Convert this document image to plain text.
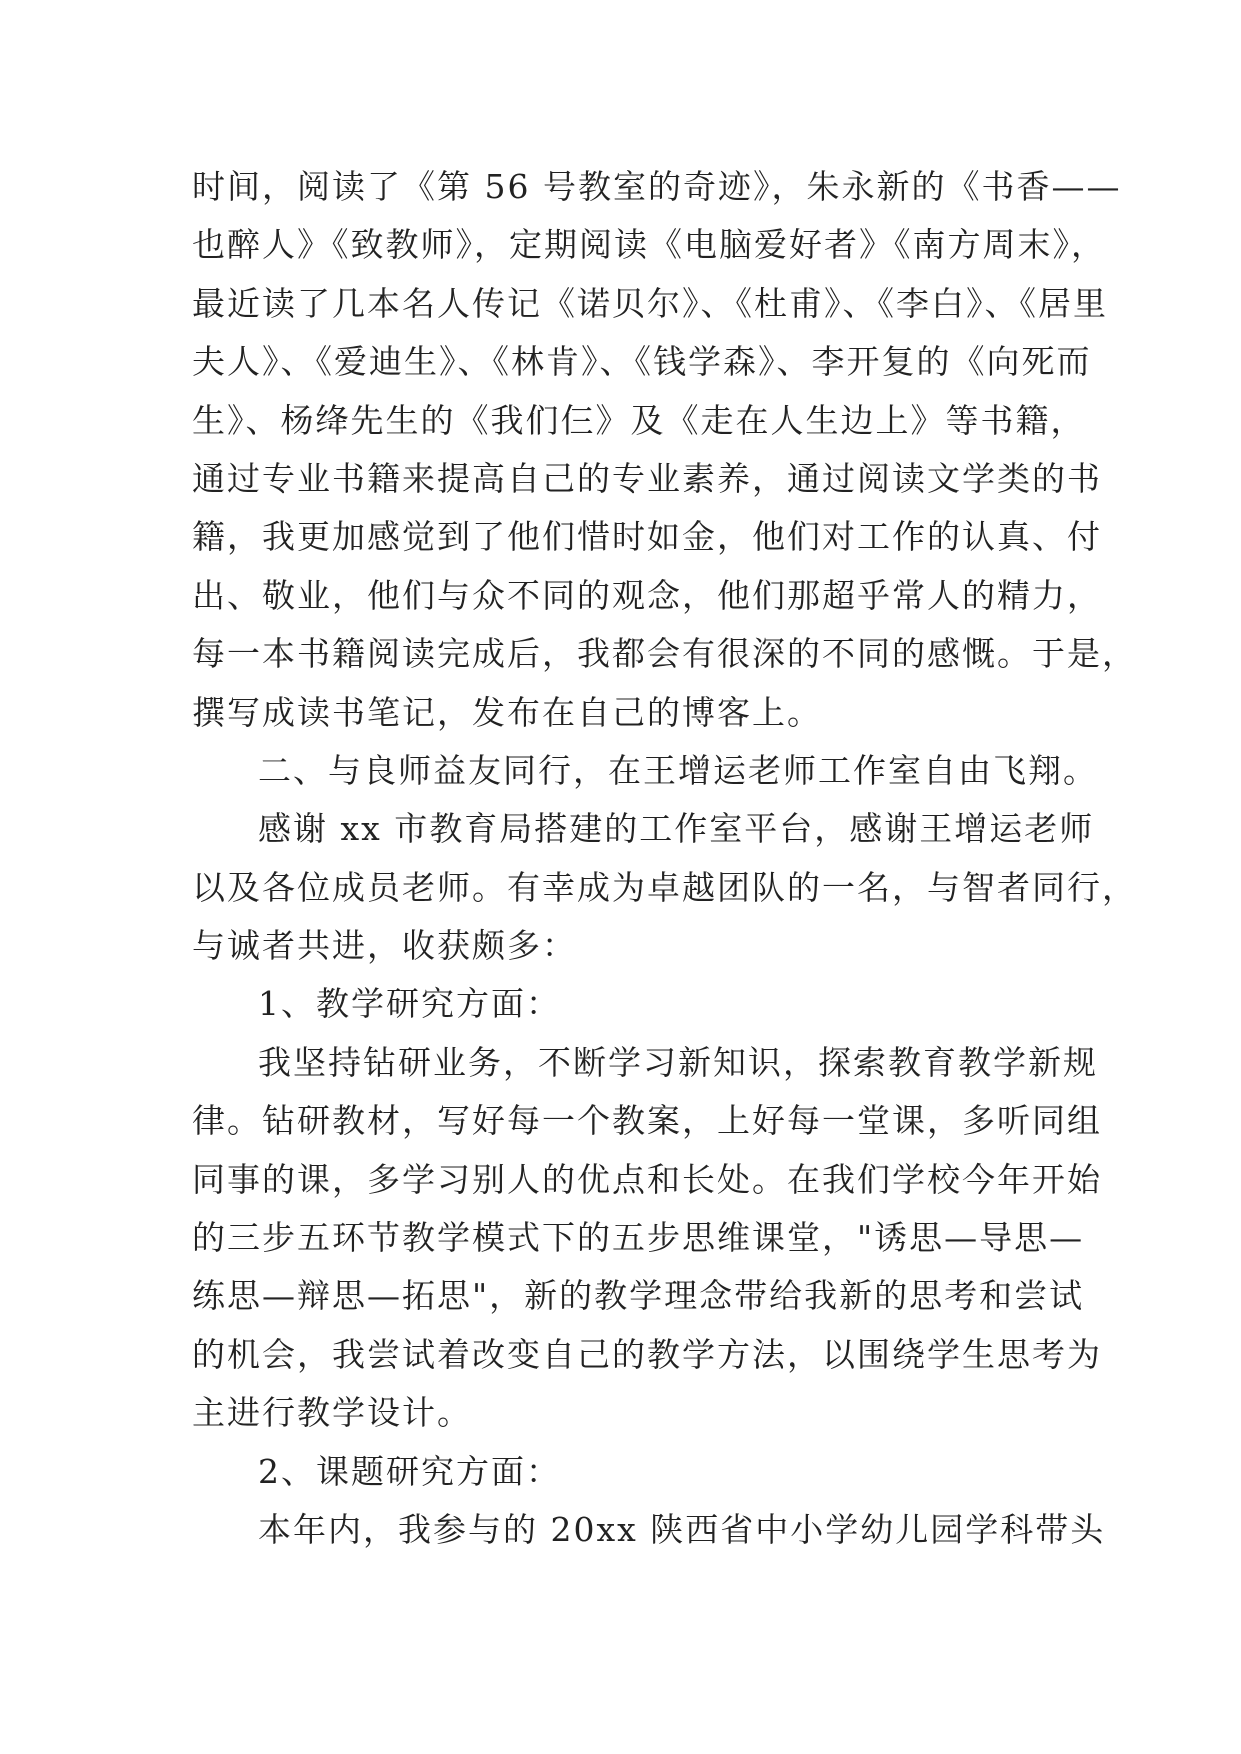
时间，阅读了《第 56 号教室的奇迹》，朱永新的《书香——
也醉人》《致教师》，定期阅读《电脑爱好者》《南方周末》，
最近读了几本名人传记《诺贝尔》、《杜甫》、《李白》、《居里
夫人》、《爱迪生》、《林肯》、《钱学森》、李开复的《向死而
生》、杨绛先生的《我们仨》及《走在人生边上》等书籍，
通过专业书籍来提高自己的专业素养，通过阅读文学类的书
籍，我更加感觉到了他们惜时如金，他们对工作的认真、付
出、敬业，他们与众不同的观念，他们那超乎常人的精力，
每一本书籍阅读完成后，我都会有很深的不同的感慨。于是，
撰写成读书笔记，发布在自己的博客上。
二、与良师益友同行，在王增运老师工作室自由飞翔。
感谢 xx 市教育局搭建的工作室平台，感谢王增运老师
以及各位成员老师。有幸成为卓越团队的一名，与智者同行，
与诚者共进，收获颇多：
1、教学研究方面：
我坚持钻研业务，不断学习新知识，探索教育教学新规
律。钻研教材，写好每一个教案，上好每一堂课，多听同组
同事的课，多学习别人的优点和长处。在我们学校今年开始
的三步五环节教学模式下的五步思维课堂，"诱思—导思—
练思—辩思—拓思"，新的教学理念带给我新的思考和尝试
的机会，我尝试着改变自己的教学方法，以围绕学生思考为
主进行教学设计。
2、课题研究方面：
本年内，我参与的 20xx 陕西省中小学幼儿园学科带头
